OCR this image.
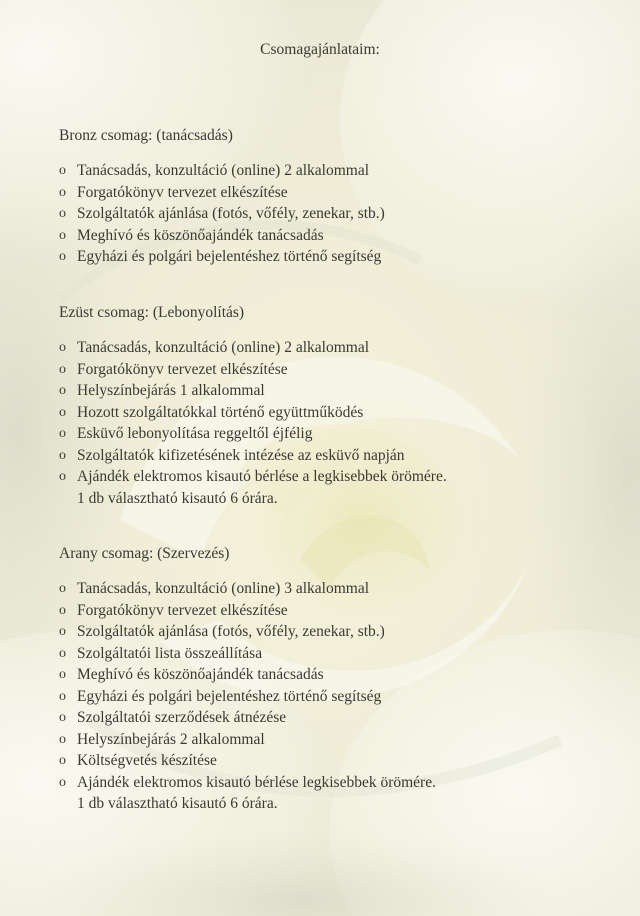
Csomagajánlataim:

Bronz csomag: (tanácsadás)

o Tanácsadás, konzultáció (online) 2 alkalommal
o Forgatókönyv tervezet elkészítése
o Szolgáltatók ajánlása (fotós, vőfély, zenekar, stb.)
o Meghívó és köszönőajándék tanácsadás
o Egyházi és polgári bejelentéshez történő segítség

Ezüst csomag: (Lebonyolítás)

o Tanácsadás, konzultáció (online) 2 alkalommal
o Forgatókönyv tervezet elkészítése
o Helyszínbejárás 1 alkalommal
o Hozott szolgáltatókkal történő együttműködés
o Esküvő lebonyolítása reggeltől éjfélig
o Szolgáltatók kifizetésének intézése az esküvő napján
o Ajándék elektromos kisautó bérlése a legkisebbek örömére.
1 db választható kisautó 6 órára.

Arany csomag: (Szervezés)

o Tanácsadás, konzultáció (online) 3 alkalommal
o Forgatókönyv tervezet elkészítése
o Szolgáltatók ajánlása (fotós, vőfély, zenekar, stb.)
o Szolgáltatói lista összeállítása
o Meghívó és köszönőajándék tanácsadás
o Egyházi és polgári bejelentéshez történő segítség
o Szolgáltatói szerződések átnézése
o Helyszínbejárás 2 alkalommal
o Költségvetés készítése
o Ajándék elektromos kisautó bérlése legkisebbek örömére.
1 db választható kisautó 6 órára.
